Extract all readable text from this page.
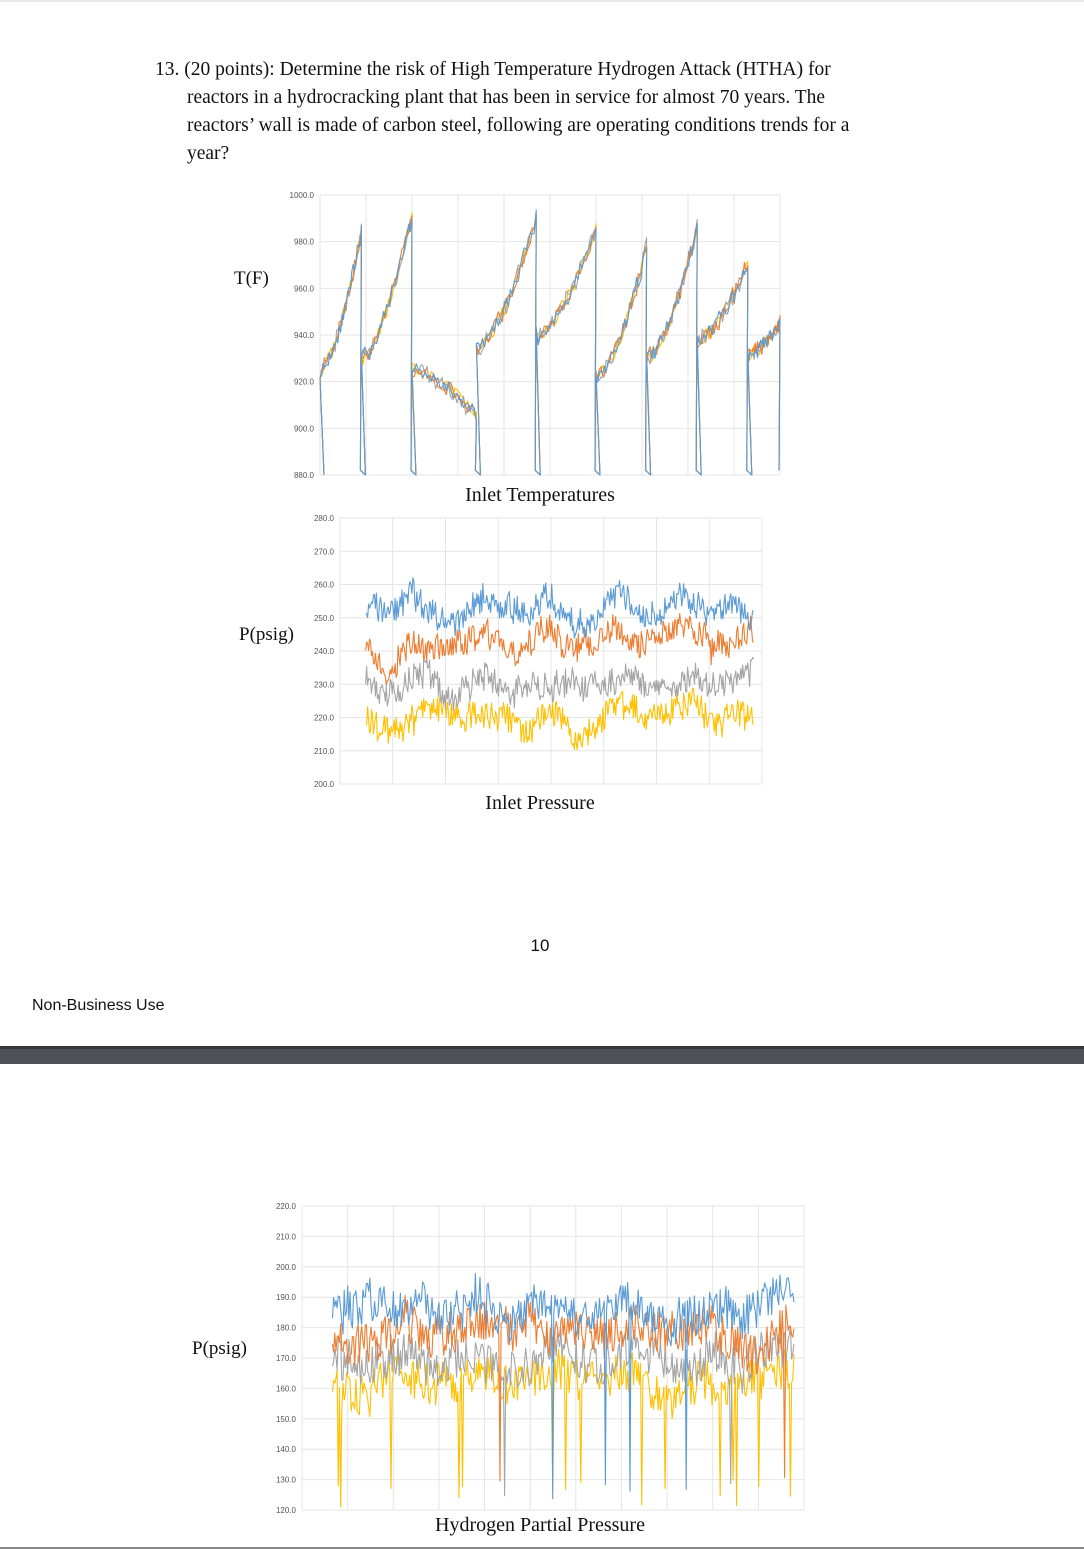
13. (20 points): Determine the risk of High Temperature Hydrogen Attack (HTHA) for
reactors in a hydrocracking plant that has been in service for almost 70 years. The
reactors’ wall is made of carbon steel, following are operating conditions trends for a
year?
T(F)
1000.0
980.0
960.0
940.0
920.0
900.0
880.0
Inlet Temperatures
P(psig)
280.0
270.0
260.0
250.0
240.0
230.0
220.0
210.0
200.0
Inlet Pressure
10
Non-Business Use
P(psig)
220.0
210.0
200.0
190.0
180.0
170.0
160.0
150.0
140.0
130.0
120.0
Hydrogen Partial Pressure
